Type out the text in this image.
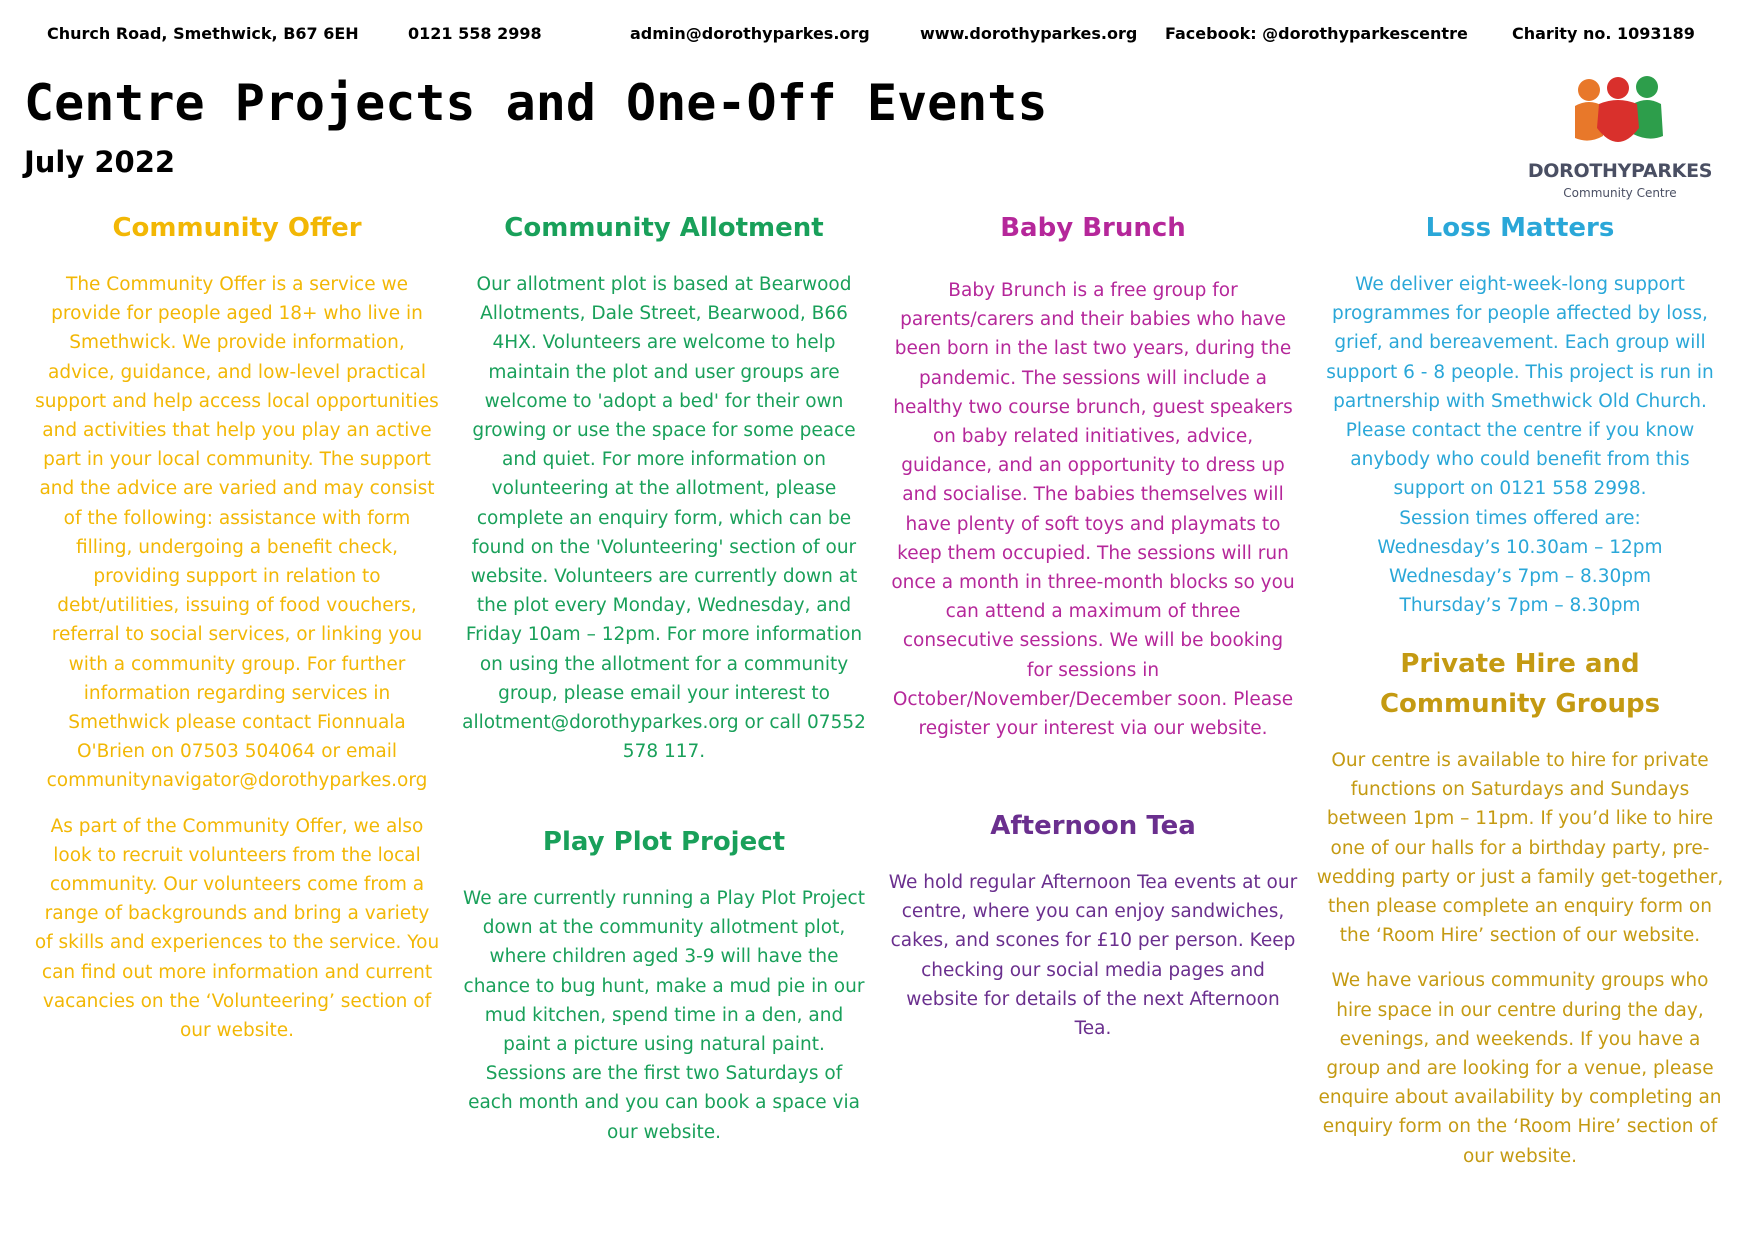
Church Road, Smethwick, B67 6EH	0121 558 2998	admin@dorothyparkes.org	www.dorothyparkes.org Facebook: @dorothyparkescentre	Charity no. 1093189
Centre Projects and One-Off Events
July 2022	DOROTHYPARKES
Community Centre
Community Offer

The Community Offer is a service we provide for people aged 18+ who live in Smethwick. We provide information, advice, guidance, and low-level practical support and help access local opportunities and activities that help you play an active part in your local community. The support and the advice are varied and may consist of the following: assistance with form filling, undergoing a benefit check, providing support in relation to debt/utilities, issuing of food vouchers, referral to social services, or linking you with a community group. For further information regarding services in Smethwick please contact Fionnuala O'Brien on 07503 504064 or email communitynavigator@dorothyparkes.org

As part of the Community Offer, we also look to recruit volunteers from the local community. Our volunteers come from a range of backgrounds and bring a variety of skills and experiences to the service. You can find out more information and current vacancies on the ‘Volunteering’ section of our website.

Community Allotment

Our allotment plot is based at Bearwood Allotments, Dale Street, Bearwood, B66 4HX. Volunteers are welcome to help maintain the plot and user groups are welcome to 'adopt a bed' for their own growing or use the space for some peace and quiet. For more information on volunteering at the allotment, please complete an enquiry form, which can be found on the 'Volunteering' section of our website. Volunteers are currently down at the plot every Monday, Wednesday, and Friday 10am – 12pm. For more information on using the allotment for a community group, please email your interest to allotment@dorothyparkes.org or call 07552 578 117.

Play Plot Project

We are currently running a Play Plot Project down at the community allotment plot, where children aged 3-9 will have the chance to bug hunt, make a mud pie in our mud kitchen, spend time in a den, and paint a picture using natural paint. Sessions are the first two Saturdays of each month and you can book a space via our website.

Baby Brunch

Baby Brunch is a free group for parents/carers and their babies who have been born in the last two years, during the pandemic. The sessions will include a healthy two course brunch, guest speakers on baby related initiatives, advice, guidance, and an opportunity to dress up and socialise. The babies themselves will have plenty of soft toys and playmats to keep them occupied. The sessions will run once a month in three-month blocks so you can attend a maximum of three consecutive sessions. We will be booking for sessions in October/November/December soon. Please register your interest via our website.

Afternoon Tea

We hold regular Afternoon Tea events at our centre, where you can enjoy sandwiches, cakes, and scones for £10 per person. Keep checking our social media pages and website for details of the next Afternoon Tea.

Loss Matters

We deliver eight-week-long support programmes for people affected by loss, grief, and bereavement. Each group will support 6 - 8 people. This project is run in partnership with Smethwick Old Church. Please contact the centre if you know anybody who could benefit from this support on 0121 558 2998.

Session times offered are:

Wednesday’s 10.30am – 12pm

Wednesday’s 7pm – 8.30pm

Thursday’s 7pm – 8.30pm

Private Hire and
Community Groups

Our centre is available to hire for private functions on Saturdays and Sundays between 1pm – 11pm. If you’d like to hire one of our halls for a birthday party, pre-wedding party or just a family get-together, then please complete an enquiry form on the ‘Room Hire’ section of our website.

We have various community groups who hire space in our centre during the day, evenings, and weekends. If you have a group and are looking for a venue, please enquire about availability by completing an enquiry form on the ‘Room Hire’ section of our website.
